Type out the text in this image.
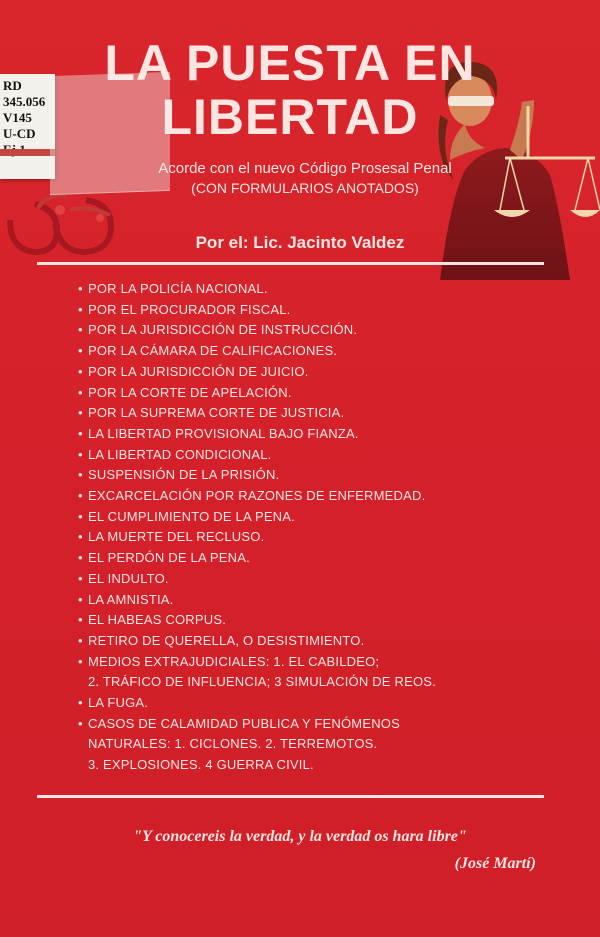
LA PUESTA EN
LIBERTAD
Acorde con el nuevo Código Prosesal Penal
(CON FORMULARIOS ANOTADOS)
Por el: Lic. Jacinto Valdez
• POR LA POLICÍA NACIONAL.
• POR EL PROCURADOR FISCAL.
• POR LA JURISDICCIÓN DE INSTRUCCIÓN.
• POR LA CÁMARA DE CALIFICACIONES.
• POR LA JURISDICCIÓN DE JUICIO.
• POR LA CORTE DE APELACIÓN.
• POR LA SUPREMA CORTE DE JUSTICIA.
• LA LIBERTAD PROVISIONAL BAJO FIANZA.
• LA LIBERTAD CONDICIONAL.
• SUSPENSIÓN DE LA PRISIÓN.
• EXCARCELACIÓN POR RAZONES DE ENFERMEDAD.
• EL CUMPLIMIENTO DE LA PENA.
• LA MUERTE DEL RECLUSO.
• EL PERDÓN DE LA PENA.
• EL INDULTO.
• LA AMNISTIA.
• EL HABEAS CORPUS.
• RETIRO DE QUERELLA, O DESISTIMIENTO.
• MEDIOS EXTRAJUDICIALES: 1. EL CABILDEO;
2. TRÁFICO DE INFLUENCIA; 3 SIMULACIÓN DE REOS.
• LA FUGA.
• CASOS DE CALAMIDAD PUBLICA Y FENÓMENOS
NATURALES: 1. CICLONES. 2. TERREMOTOS.
3. EXPLOSIONES. 4 GUERRA CIVIL.
"Y conocereis la verdad, y la verdad os hara libre"
(José Martí)
RD
345.056
V145
U-CD
